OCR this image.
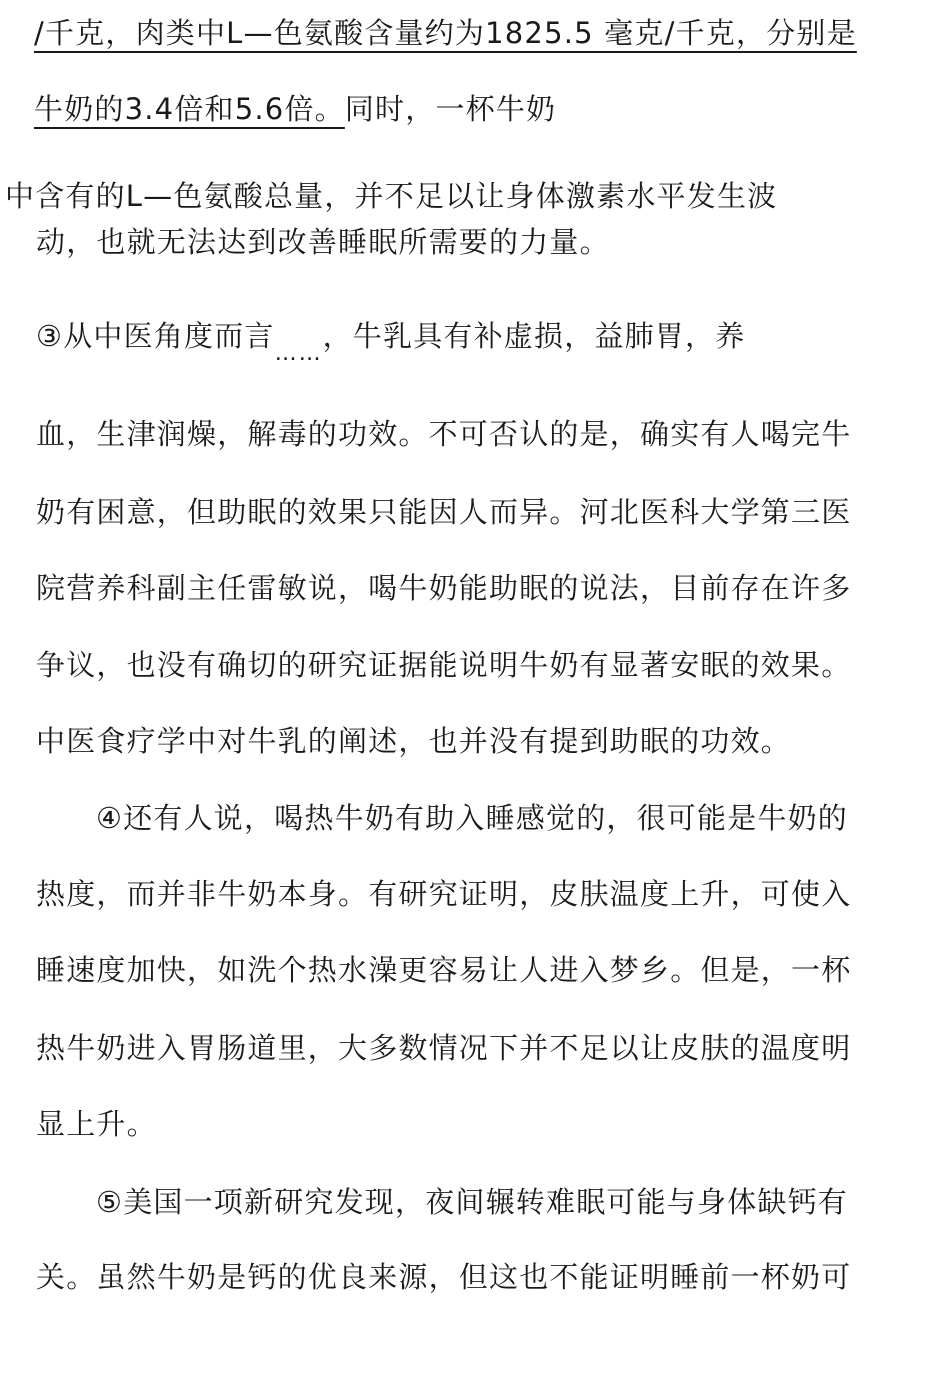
/千克，肉类中L—色氨酸含量约为1825.5 毫克/千克，分别是
牛奶的3.4倍和5.6倍。同时，一杯牛奶
中含有的L—色氨酸总量，并不足以让身体激素水平发生波
动，也就无法达到改善睡眠所需要的力量。
③从中医角度而言……，牛乳具有补虚损，益肺胃，养
血，生津润燥，解毒的功效。不可否认的是，确实有人喝完牛
奶有困意，但助眠的效果只能因人而异。河北医科大学第三医
院营养科副主任雷敏说，喝牛奶能助眠的说法，目前存在许多
争议，也没有确切的研究证据能说明牛奶有显著安眠的效果。
中医食疗学中对牛乳的阐述，也并没有提到助眠的功效。
④还有人说，喝热牛奶有助入睡感觉的，很可能是牛奶的
热度，而并非牛奶本身。有研究证明，皮肤温度上升，可使入
睡速度加快，如洗个热水澡更容易让人进入梦乡。但是，一杯
热牛奶进入胃肠道里，大多数情况下并不足以让皮肤的温度明
显上升。
⑤美国一项新研究发现，夜间辗转难眠可能与身体缺钙有
关。虽然牛奶是钙的优良来源，但这也不能证明睡前一杯奶可
